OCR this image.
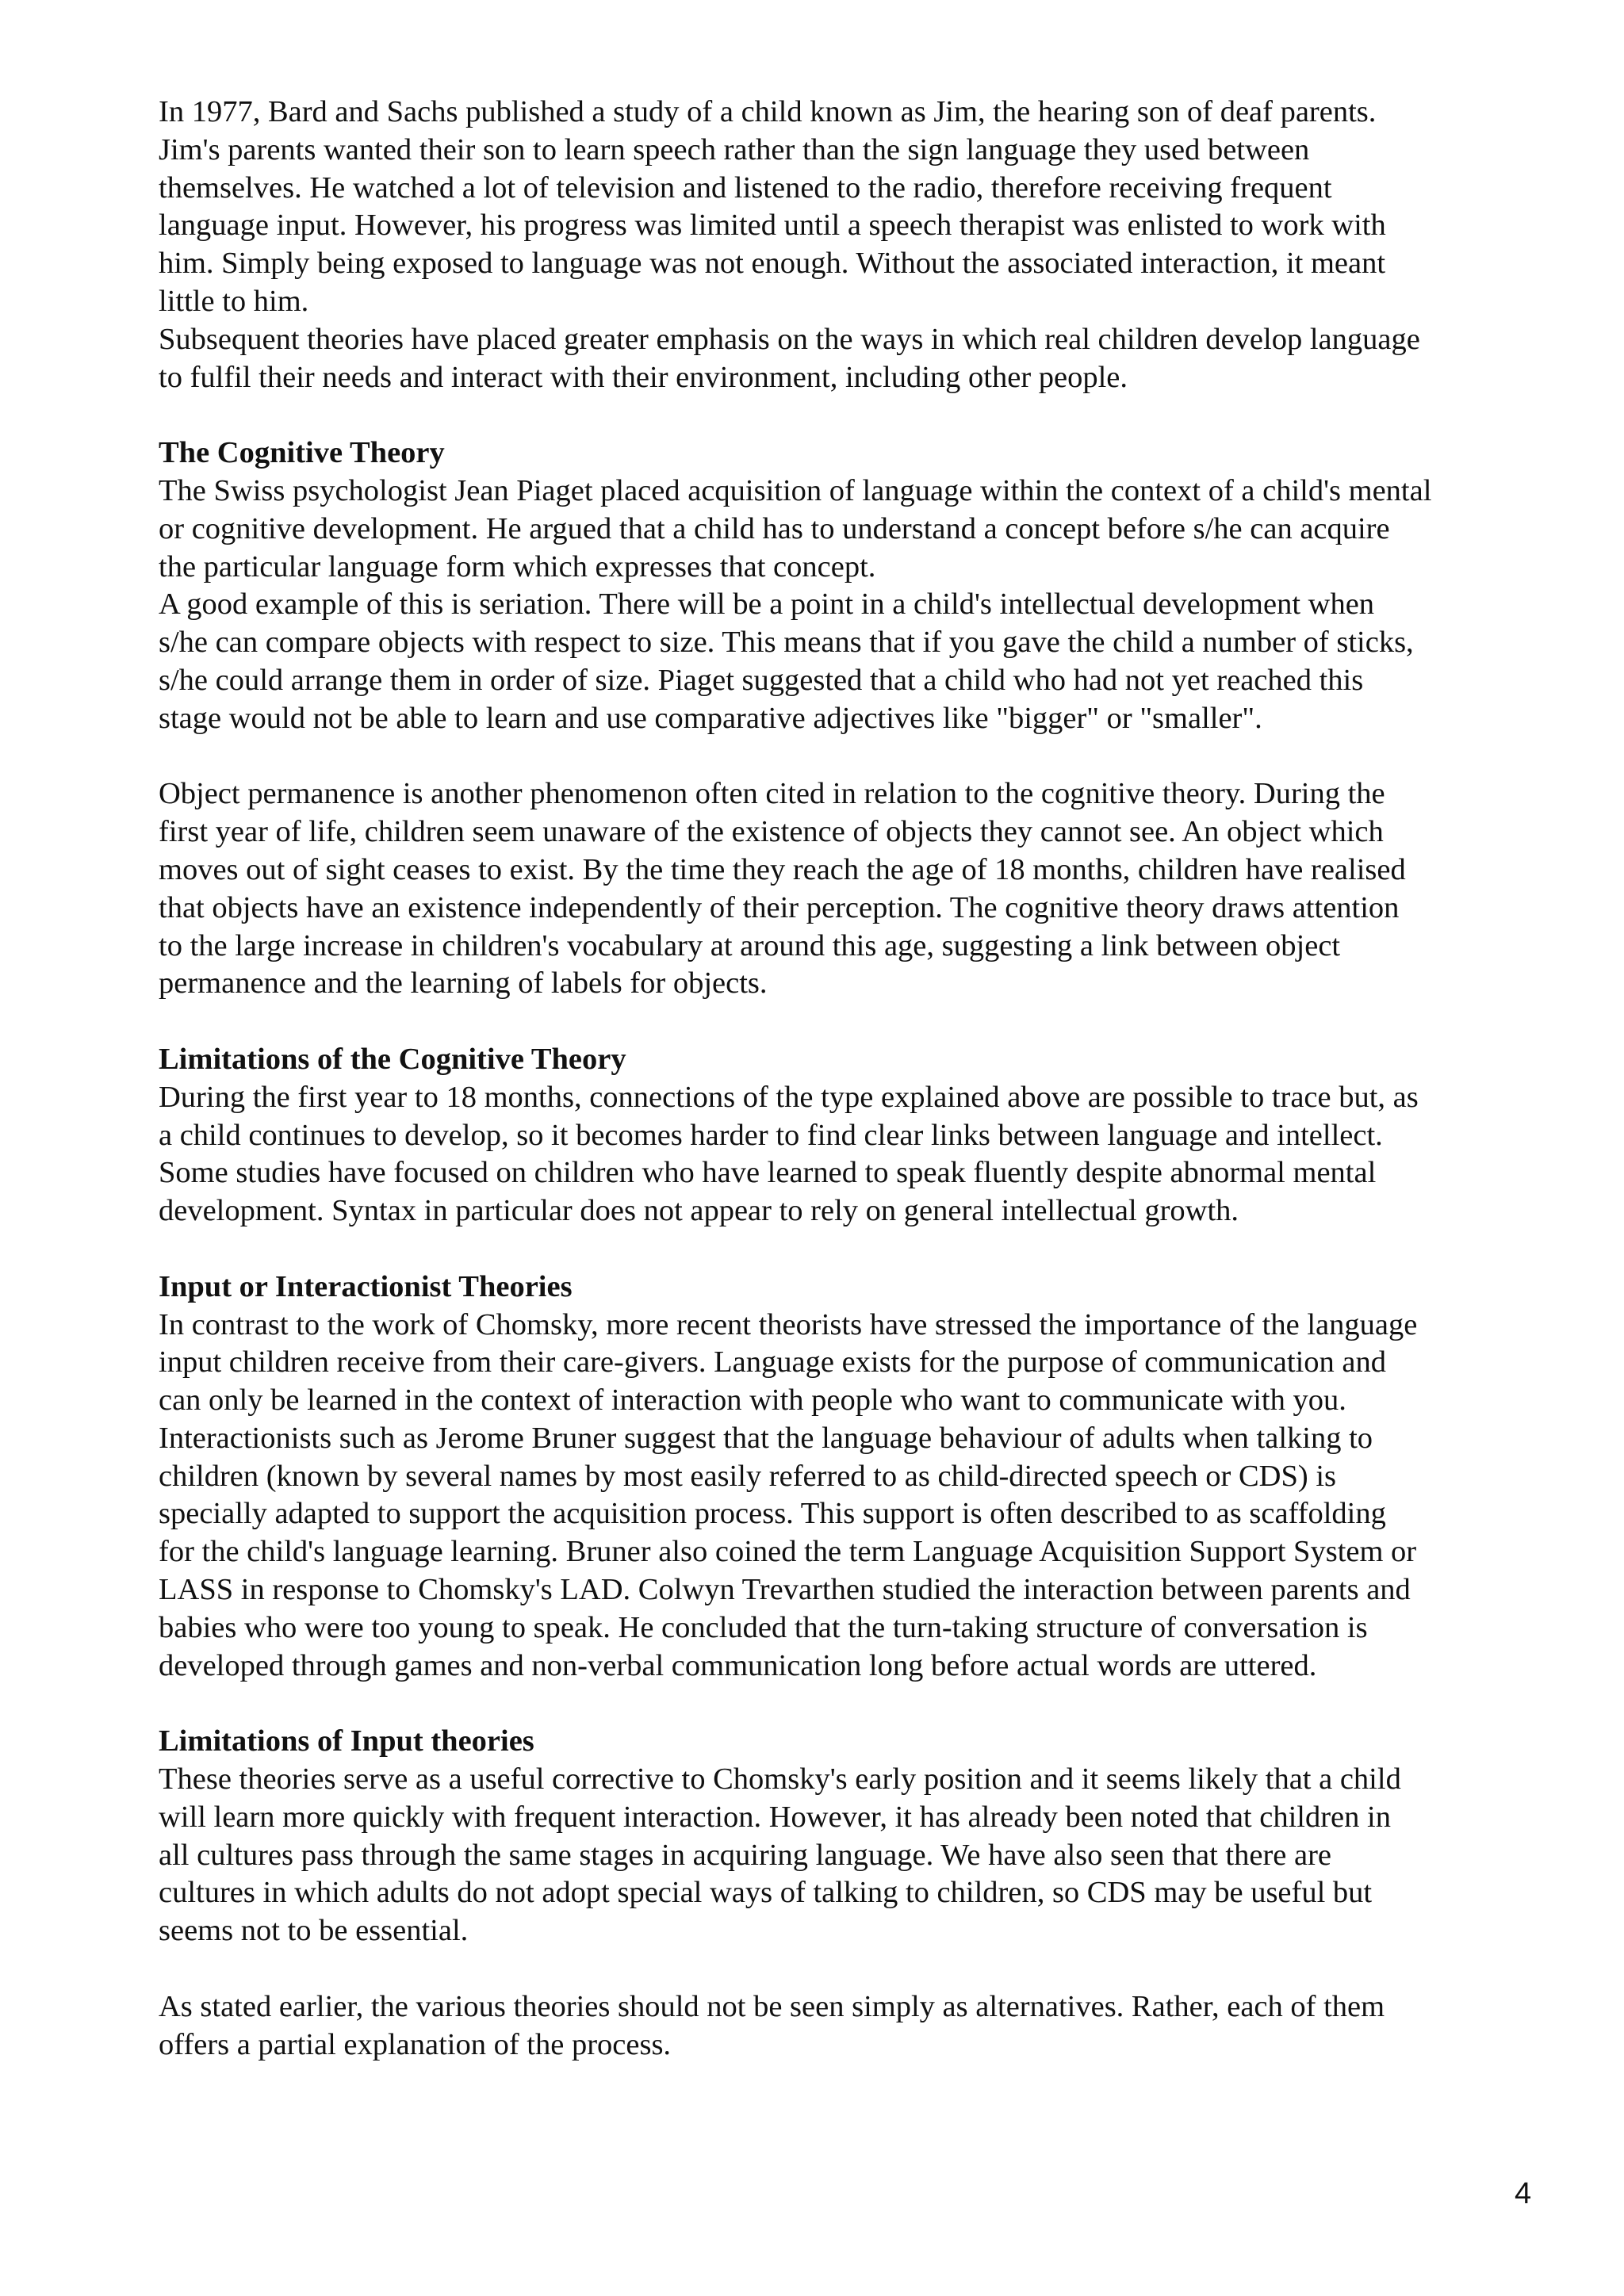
In 1977, Bard and Sachs published a study of a child known as Jim, the hearing son of deaf parents.
Jim's parents wanted their son to learn speech rather than the sign language they used between
themselves. He watched a lot of television and listened to the radio, therefore receiving frequent
language input. However, his progress was limited until a speech therapist was enlisted to work with
him. Simply being exposed to language was not enough. Without the associated interaction, it meant
little to him.
Subsequent theories have placed greater emphasis on the ways in which real children develop language
to fulfil their needs and interact with their environment, including other people.
The Cognitive Theory
The Swiss psychologist Jean Piaget placed acquisition of language within the context of a child's mental
or cognitive development. He argued that a child has to understand a concept before s/he can acquire
the particular language form which expresses that concept.
A good example of this is seriation. There will be a point in a child's intellectual development when
s/he can compare objects with respect to size. This means that if you gave the child a number of sticks,
s/he could arrange them in order of size. Piaget suggested that a child who had not yet reached this
stage would not be able to learn and use comparative adjectives like "bigger" or "smaller".
Object permanence is another phenomenon often cited in relation to the cognitive theory. During the
first year of life, children seem unaware of the existence of objects they cannot see. An object which
moves out of sight ceases to exist. By the time they reach the age of 18 months, children have realised
that objects have an existence independently of their perception. The cognitive theory draws attention
to the large increase in children's vocabulary at around this age, suggesting a link between object
permanence and the learning of labels for objects.
Limitations of the Cognitive Theory
During the first year to 18 months, connections of the type explained above are possible to trace but, as
a child continues to develop, so it becomes harder to find clear links between language and intellect.
Some studies have focused on children who have learned to speak fluently despite abnormal mental
development. Syntax in particular does not appear to rely on general intellectual growth.
Input or Interactionist Theories
In contrast to the work of Chomsky, more recent theorists have stressed the importance of the language
input children receive from their care-givers. Language exists for the purpose of communication and
can only be learned in the context of interaction with people who want to communicate with you.
Interactionists such as Jerome Bruner suggest that the language behaviour of adults when talking to
children (known by several names by most easily referred to as child-directed speech or CDS) is
specially adapted to support the acquisition process. This support is often described to as scaffolding
for the child's language learning. Bruner also coined the term Language Acquisition Support System or
LASS in response to Chomsky's LAD. Colwyn Trevarthen studied the interaction between parents and
babies who were too young to speak. He concluded that the turn-taking structure of conversation is
developed through games and non-verbal communication long before actual words are uttered.
Limitations of Input theories
These theories serve as a useful corrective to Chomsky's early position and it seems likely that a child
will learn more quickly with frequent interaction. However, it has already been noted that children in
all cultures pass through the same stages in acquiring language. We have also seen that there are
cultures in which adults do not adopt special ways of talking to children, so CDS may be useful but
seems not to be essential.
As stated earlier, the various theories should not be seen simply as alternatives. Rather, each of them
offers a partial explanation of the process.
4
